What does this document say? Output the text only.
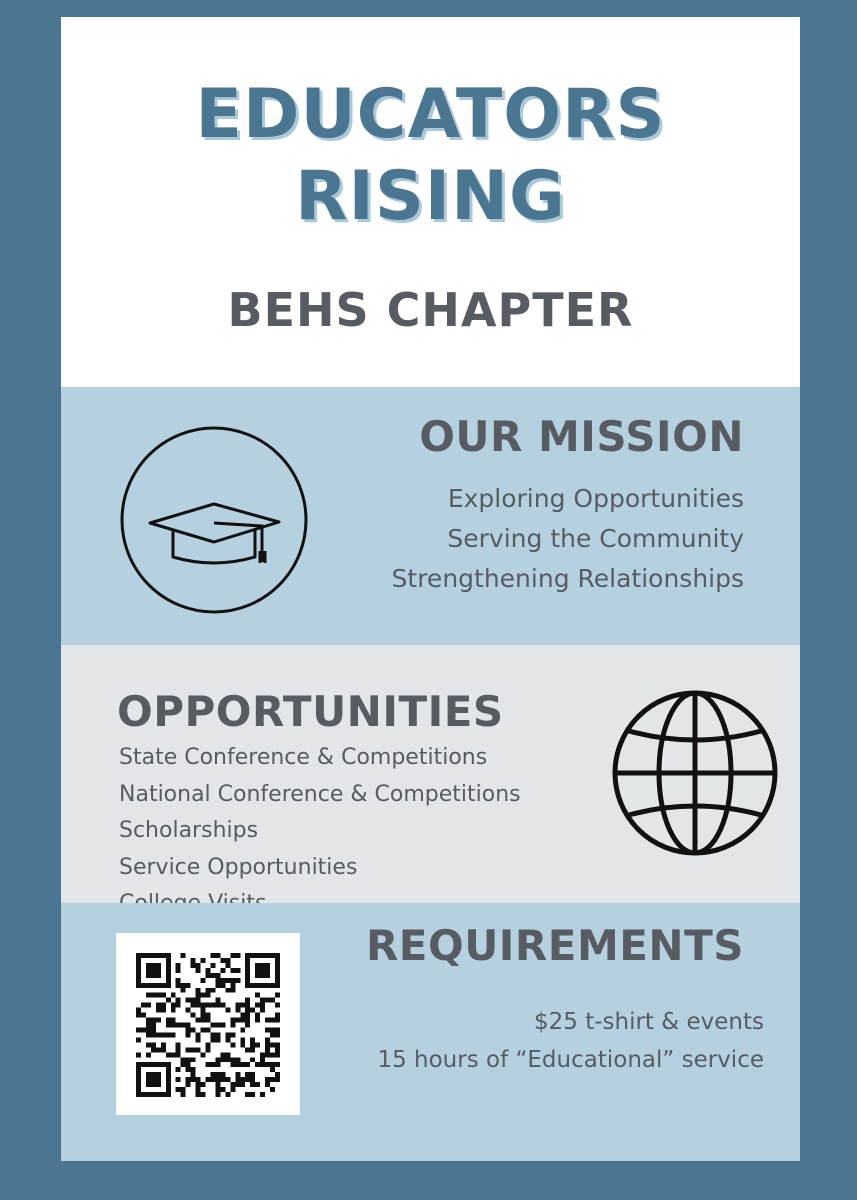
EDUCATORS
RISING
BEHS CHAPTER
OUR MISSION
Exploring Opportunities
Serving the Community
Strengthening Relationships
OPPORTUNITIES
State Conference & Competitions
National Conference & Competitions
Scholarships
Service Opportunities
REQUIREMENTS
$25 t-shirt & events
15 hours of “Educational” service
